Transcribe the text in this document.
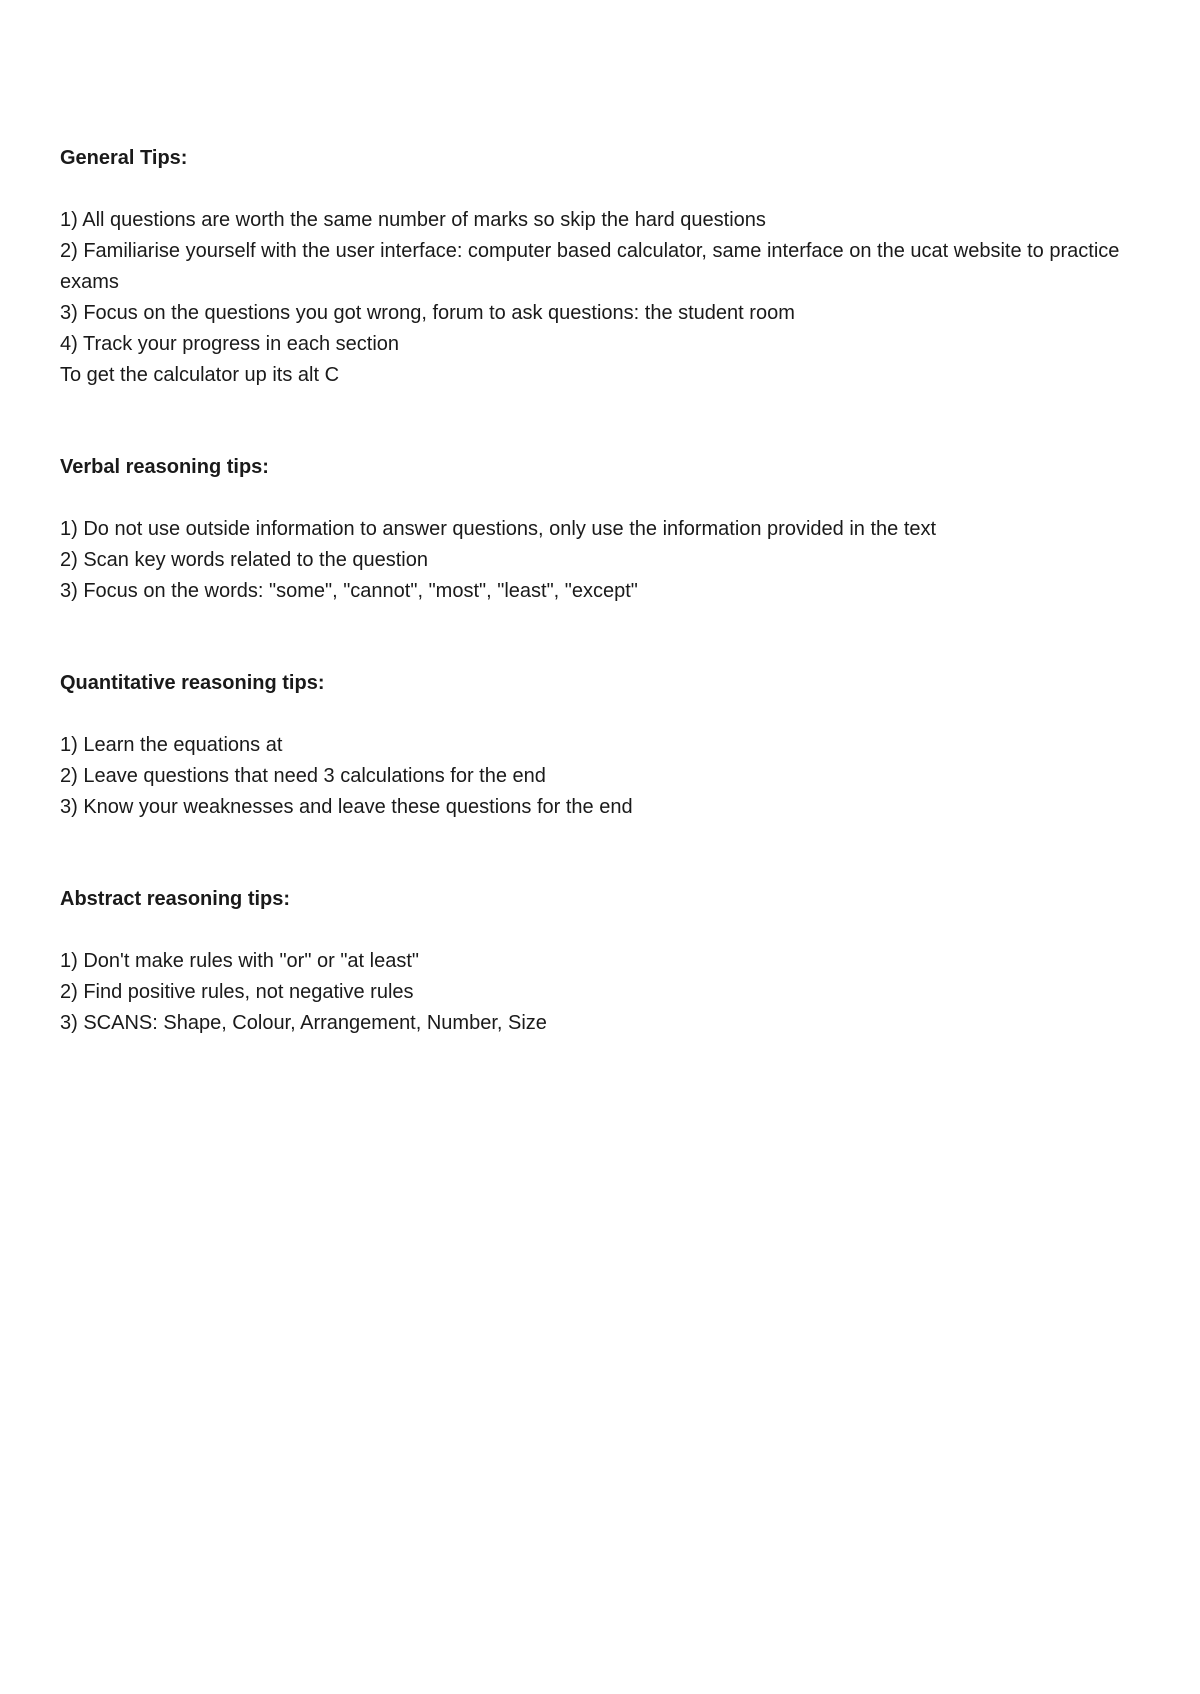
General Tips:

1) All questions are worth the same number of marks so skip the hard questions

2) Familiarise yourself with the user interface: computer based calculator, same interface on the ucat website to practice exams

3) Focus on the questions you got wrong, forum to ask questions: the student room

4) Track your progress in each section

To get the calculator up its alt C

Verbal reasoning tips:

1) Do not use outside information to answer questions, only use the information provided in the text

2) Scan key words related to the question

3) Focus on the words: "some", "cannot", "most", "least", "except"

Quantitative reasoning tips:

1) Learn the equations at

2) Leave questions that need 3 calculations for the end

3) Know your weaknesses and leave these questions for the end

Abstract reasoning tips:

1) Don't make rules with "or" or "at least"

2) Find positive rules, not negative rules

3) SCANS: Shape, Colour, Arrangement, Number, Size
